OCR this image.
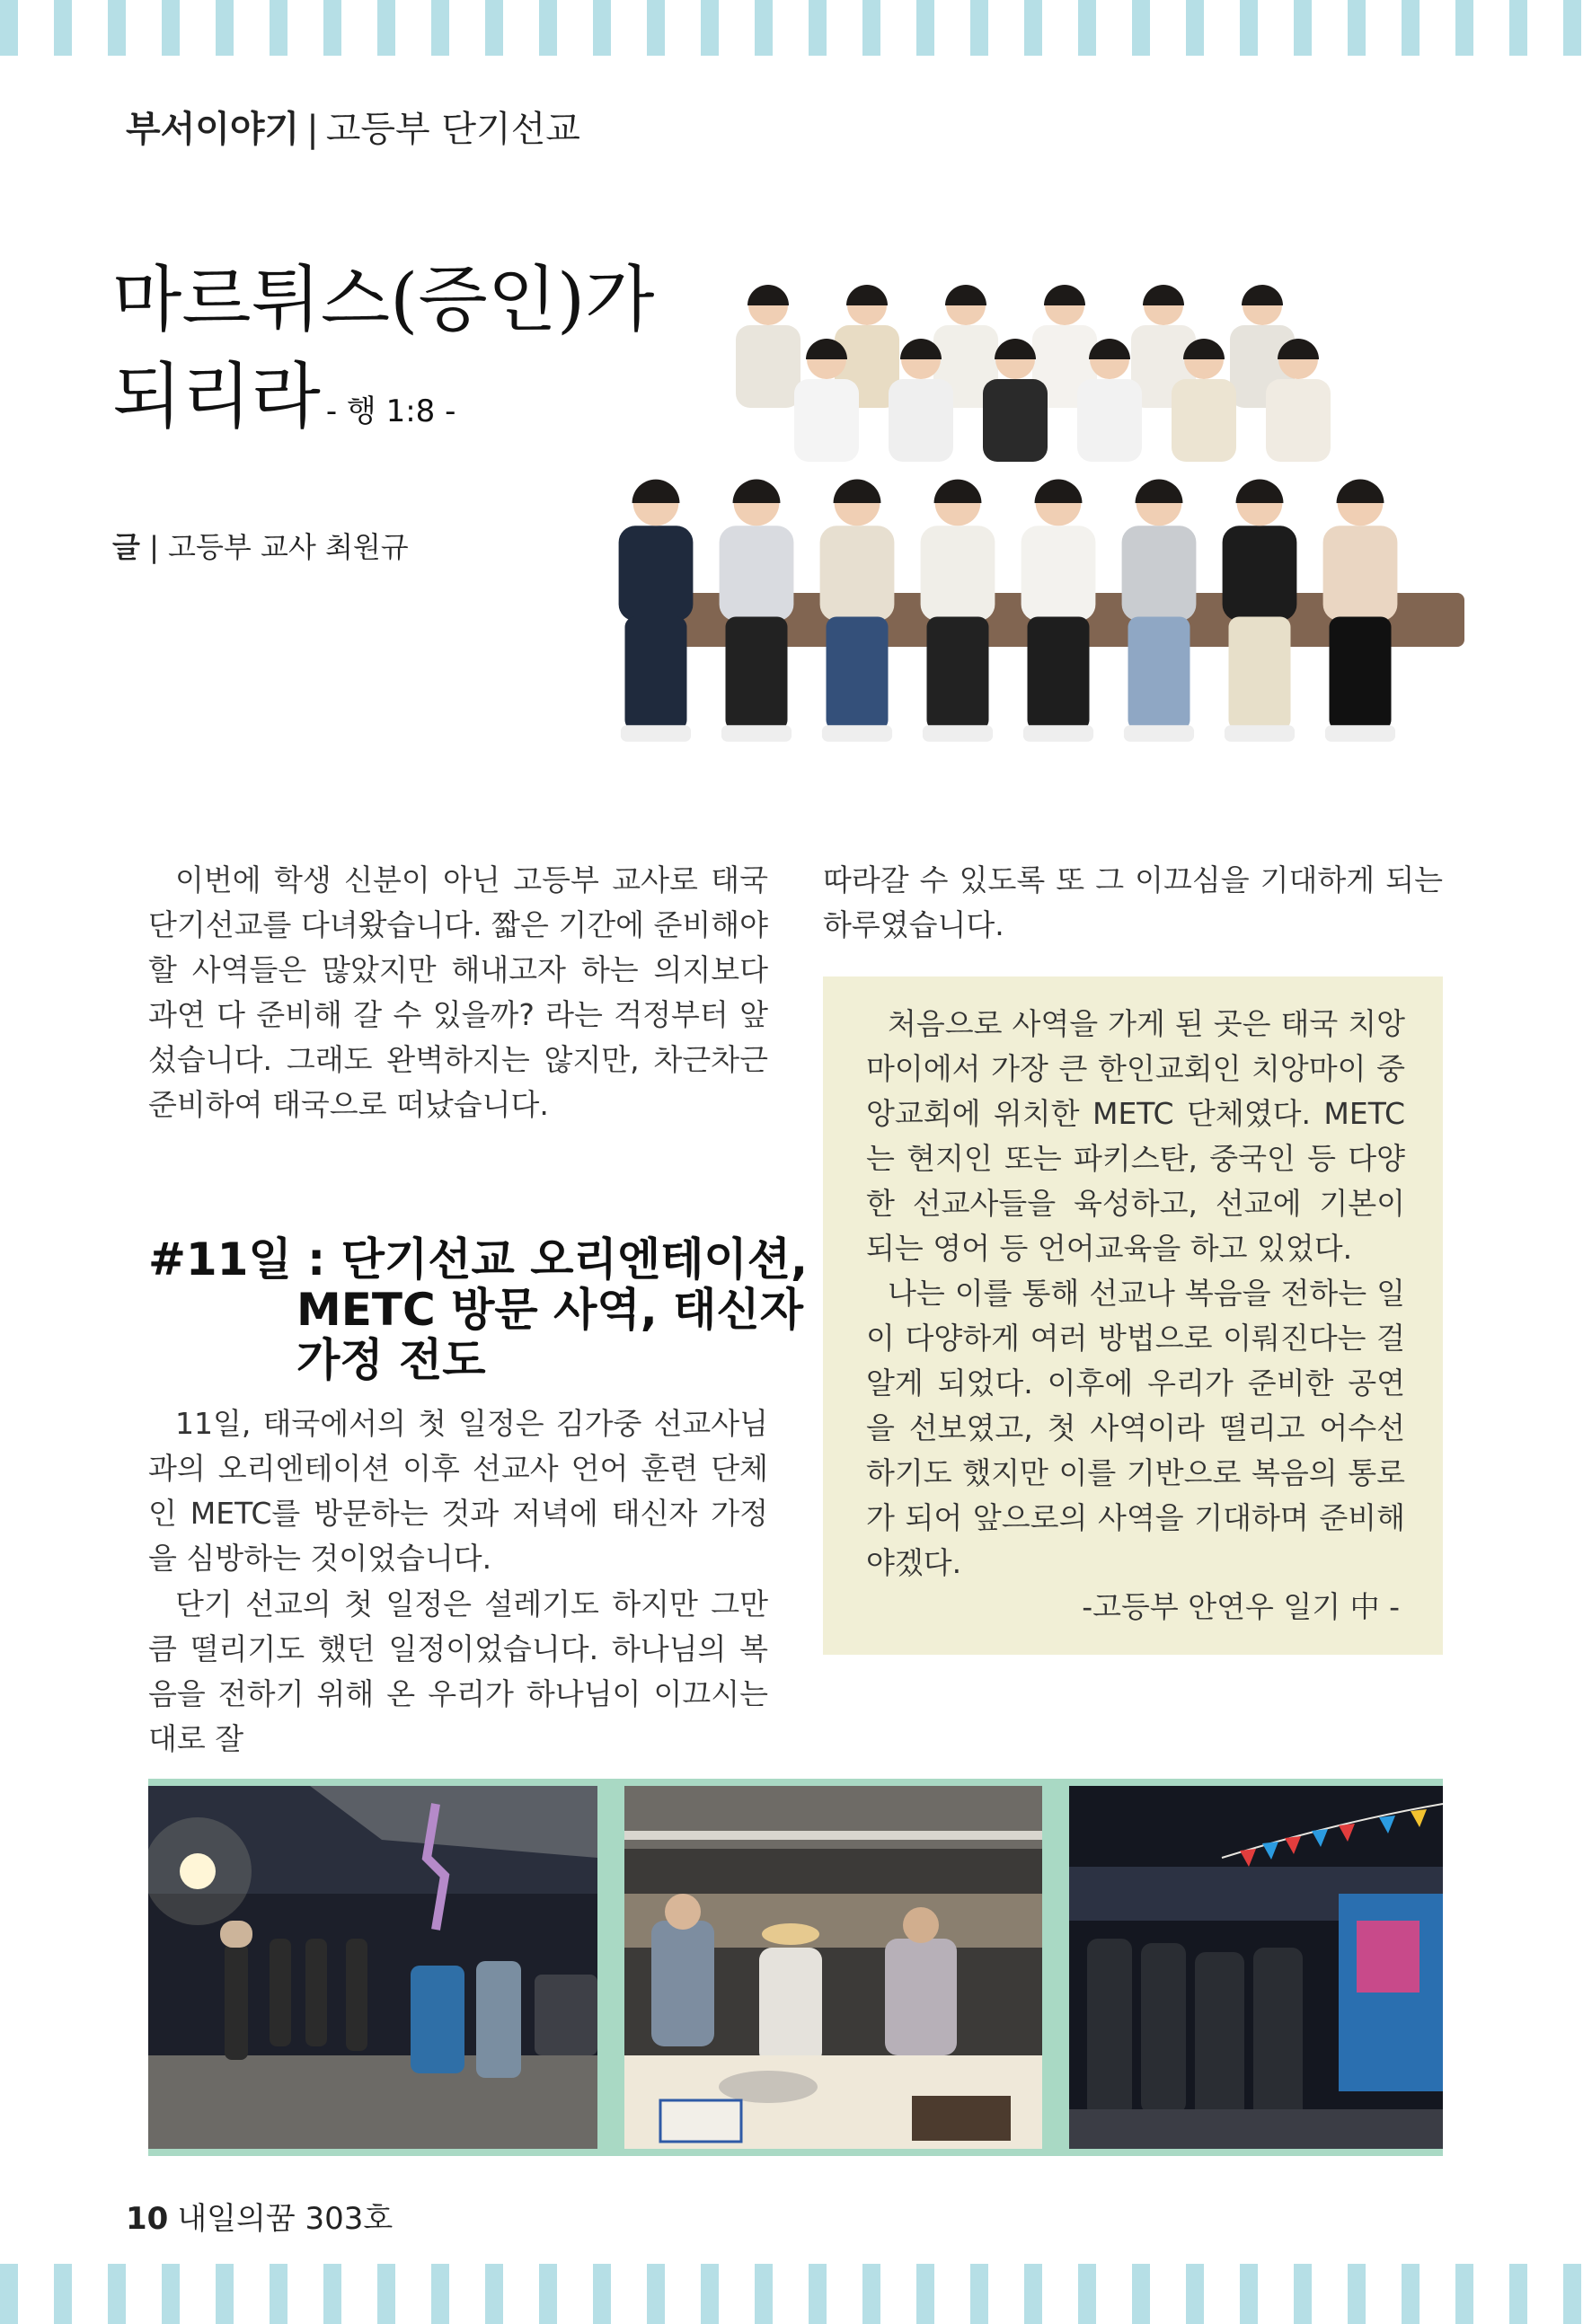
부서이야기 | 고등부 단기선교
마르튀스(증인)가
되리라 - 행 1:8 -
글 | 고등부 교사 최원규
이번에 학생 신분이 아닌 고등부 교사로 태국 단기선교를 다녀왔습니다. 짧은 기간에 준비해야 할 사역들은 많았지만 해내고자 하는 의지보다 과연 다 준비해 갈 수 있을까? 라는 걱정부터 앞섰습니다. 그래도 완벽하지는 않지만, 차근차근 준비하여 태국으로 떠났습니다.
#11일 : 단기선교 오리엔테이션,
METC 방문 사역, 태신자
가정 전도
11일, 태국에서의 첫 일정은 김가중 선교사님과의 오리엔테이션 이후 선교사 언어 훈련 단체인 METC를 방문하는 것과 저녁에 태신자 가정을 심방하는 것이었습니다.
단기 선교의 첫 일정은 설레기도 하지만 그만큼 떨리기도 했던 일정이었습니다. 하나님의 복음을 전하기 위해 온 우리가 하나님이 이끄시는대로 잘
따라갈 수 있도록 또 그 이끄심을 기대하게 되는 하루였습니다.
처음으로 사역을 가게 된 곳은 태국 치앙마이에서 가장 큰 한인교회인 치앙마이 중앙교회에 위치한 METC 단체였다. METC는 현지인 또는 파키스탄, 중국인 등 다양한 선교사들을 육성하고, 선교에 기본이 되는 영어 등 언어교육을 하고 있었다.
나는 이를 통해 선교나 복음을 전하는 일이 다양하게 여러 방법으로 이뤄진다는 걸 알게 되었다. 이후에 우리가 준비한 공연을 선보였고, 첫 사역이라 떨리고 어수선하기도 했지만 이를 기반으로 복음의 통로가 되어 앞으로의 사역을 기대하며 준비해야겠다.
-고등부 안연우 일기 中 -
10 내일의꿈 303호
